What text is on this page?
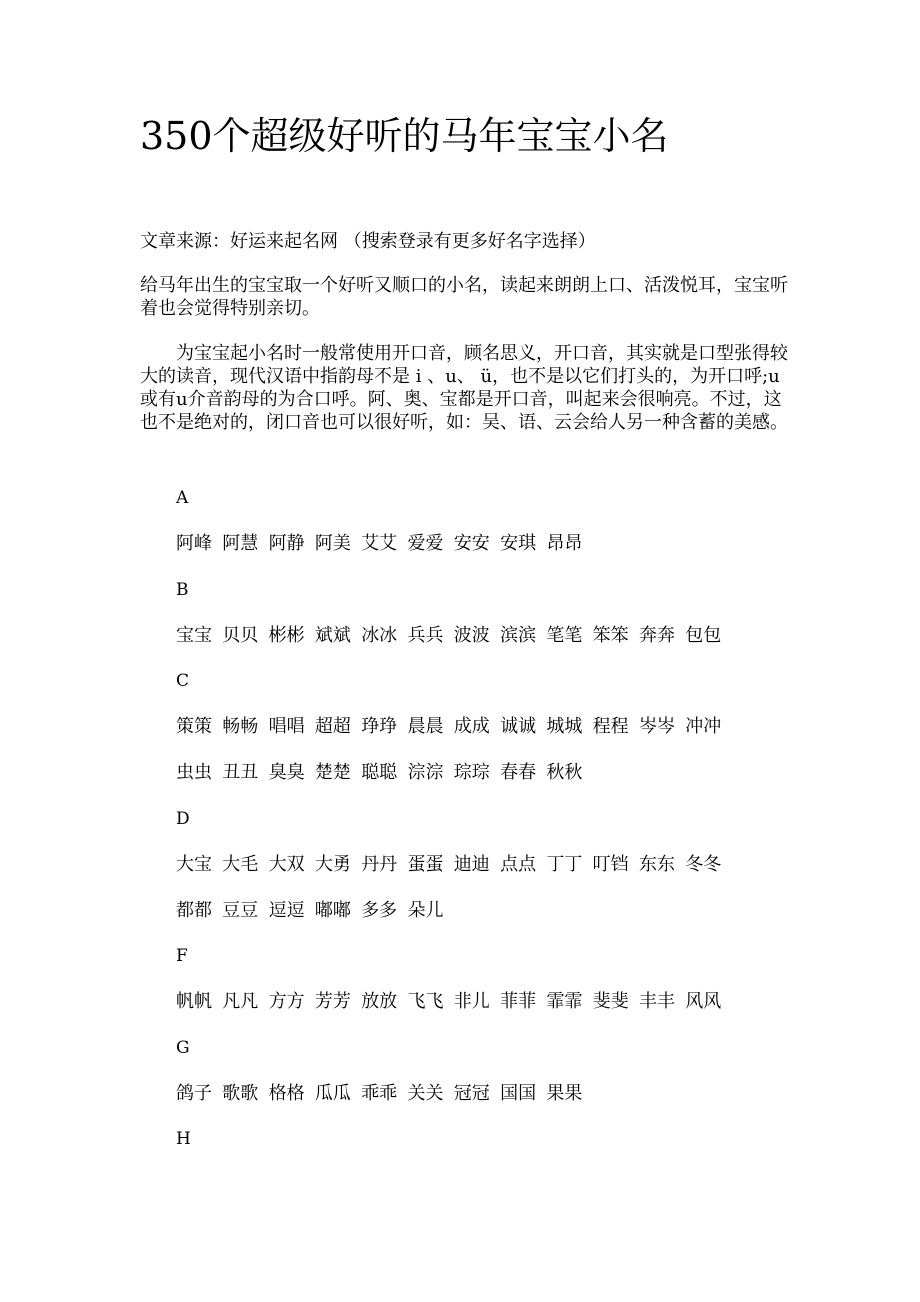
350个超级好听的马年宝宝小名
文章来源：好运来起名网 （搜索登录有更多好名字选择）
给马年出生的宝宝取一个好听又顺口的小名，读起来朗朗上口、活泼悦耳，宝宝听着也会觉得特别亲切。
为宝宝起小名时一般常使用开口音，顾名思义，开口音，其实就是口型张得较大的读音，现代汉语中指韵母不是 i 、u、 ü，也不是以它们打头的，为开口呼;u或有u介音韵母的为合口呼。阿、奥、宝都是开口音，叫起来会很响亮。不过，这也不是绝对的，闭口音也可以很好听，如：吴、语、云会给人另一种含蓄的美感。
A
阿峰 阿慧 阿静 阿美 艾艾 爱爱 安安 安琪 昂昂
B
宝宝 贝贝 彬彬 斌斌 冰冰 兵兵 波波 滨滨 笔笔 笨笨 奔奔 包包
C
策策 畅畅 唱唱 超超 琤琤 晨晨 成成 诚诚 城城 程程 岑岑 冲冲
虫虫 丑丑 臭臭 楚楚 聪聪 淙淙 琮琮 春春 秋秋
D
大宝 大毛 大双 大勇 丹丹 蛋蛋 迪迪 点点 丁丁 叮铛 东东 冬冬
都都 豆豆 逗逗 嘟嘟 多多 朵儿
F
帆帆 凡凡 方方 芳芳 放放 飞飞 非儿 菲菲 霏霏 斐斐 丰丰 风风
G
鸽子 歌歌 格格 瓜瓜 乖乖 关关 冠冠 国国 果果
H
